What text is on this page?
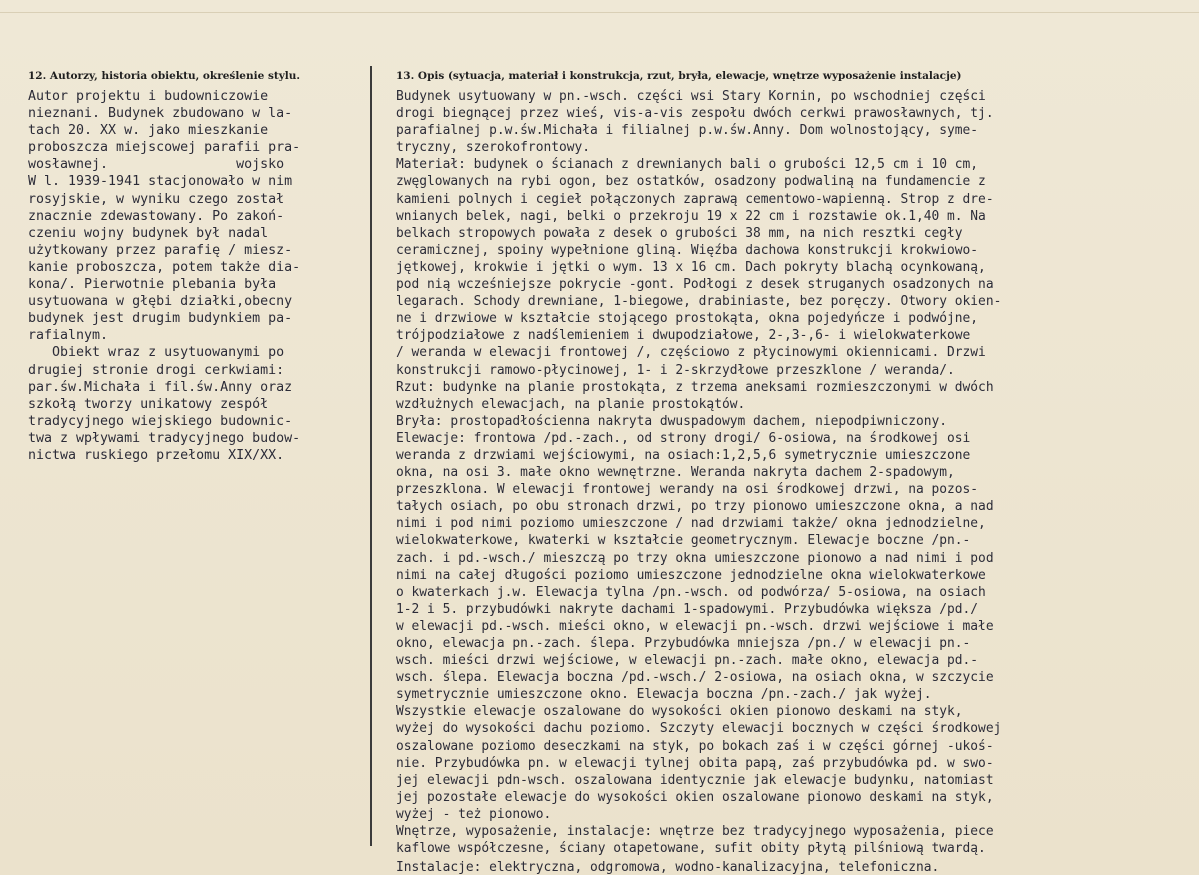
12. Autorzy, historia obiektu, określenie stylu.
Autor projektu i budowniczowie
nieznani. Budynek zbudowano w la-
tach 20. XX w. jako mieszkanie
proboszcza miejscowej parafii pra-
wosławnej.                wojsko
W l. 1939-1941 stacjonowało w nim
rosyjskie, w wyniku czego został
znacznie zdewastowany. Po zakoń-
czeniu wojny budynek był nadal
użytkowany przez parafię / miesz-
kanie proboszcza, potem także dia-
kona/. Pierwotnie plebania była
usytuowana w głębi działki,obecny
budynek jest drugim budynkiem pa-
rafialnym.
Obiekt wraz z usytuowanymi po
drugiej stronie drogi cerkwiami:
par.św.Michała i fil.św.Anny oraz
szkołą tworzy unikatowy zespół
tradycyjnego wiejskiego budownic-
twa z wpływami tradycyjnego budow-
nictwa ruskiego przełomu XIX/XX.
13. Opis (sytuacja, materiał i konstrukcja, rzut, bryła, elewacje, wnętrze wyposażenie instalacje)
Budynek usytuowany w pn.-wsch. części wsi Stary Kornin, po wschodniej części
drogi biegnącej przez wieś, vis-a-vis zespołu dwóch cerkwi prawosławnych, tj.
parafialnej p.w.św.Michała i filialnej p.w.św.Anny. Dom wolnostojący, syme-
tryczny, szerokofrontowy.
Materiał: budynek o ścianach z drewnianych bali o grubości 12,5 cm i 10 cm,
zwęglowanych na rybi ogon, bez ostatków, osadzony podwaliną na fundamencie z
kamieni polnych i cegieł połączonych zaprawą cementowo-wapienną. Strop z dre-
wnianych belek, nagi, belki o przekroju 19 x 22 cm i rozstawie ok.1,40 m. Na
belkach stropowych powała z desek o grubości 38 mm, na nich resztki cegły
ceramicznej, spoiny wypełnione gliną. Więźba dachowa konstrukcji krokwiowo-
jętkowej, krokwie i jętki o wym. 13 x 16 cm. Dach pokryty blachą ocynkowaną,
pod nią wcześniejsze pokrycie -gont. Podłogi z desek struganych osadzonych na
legarach. Schody drewniane, 1-biegowe, drabiniaste, bez poręczy. Otwory okien-
ne i drzwiowe w kształcie stojącego prostokąta, okna pojedyńcze i podwójne,
trójpodziałowe z nadślemieniem i dwupodziałowe, 2-,3-,6- i wielokwaterkowe
/ weranda w elewacji frontowej /, częściowo z płycinowymi okiennicami. Drzwi
konstrukcji ramowo-płycinowej, 1- i 2-skrzydłowe przeszklone / weranda/.
Rzut: budynke na planie prostokąta, z trzema aneksami rozmieszczonymi w dwóch
wzdłużnych elewacjach, na planie prostokątów.
Bryła: prostopadłościenna nakryta dwuspadowym dachem, niepodpiwniczony.
Elewacje: frontowa /pd.-zach., od strony drogi/ 6-osiowa, na środkowej osi
weranda z drzwiami wejściowymi, na osiach:1,2,5,6 symetrycznie umieszczone
okna, na osi 3. małe okno wewnętrzne. Weranda nakryta dachem 2-spadowym,
przeszklona. W elewacji frontowej werandy na osi środkowej drzwi, na pozos-
tałych osiach, po obu stronach drzwi, po trzy pionowo umieszczone okna, a nad
nimi i pod nimi poziomo umieszczone / nad drzwiami także/ okna jednodzielne,
wielokwaterkowe, kwaterki w kształcie geometrycznym. Elewacje boczne /pn.-
zach. i pd.-wsch./ mieszczą po trzy okna umieszczone pionowo a nad nimi i pod
nimi na całej długości poziomo umieszczone jednodzielne okna wielokwaterkowe
o kwaterkach j.w. Elewacja tylna /pn.-wsch. od podwórza/ 5-osiowa, na osiach
1-2 i 5. przybudówki nakryte dachami 1-spadowymi. Przybudówka większa /pd./
w elewacji pd.-wsch. mieści okno, w elewacji pn.-wsch. drzwi wejściowe i małe
okno, elewacja pn.-zach. ślepa. Przybudówka mniejsza /pn./ w elewacji pn.-
wsch. mieści drzwi wejściowe, w elewacji pn.-zach. małe okno, elewacja pd.-
wsch. ślepa. Elewacja boczna /pd.-wsch./ 2-osiowa, na osiach okna, w szczycie
symetrycznie umieszczone okno. Elewacja boczna /pn.-zach./ jak wyżej.
Wszystkie elewacje oszalowane do wysokości okien pionowo deskami na styk,
wyżej do wysokości dachu poziomo. Szczyty elewacji bocznych w części środkowej
oszalowane poziomo deseczkami na styk, po bokach zaś i w części górnej -ukoś-
nie. Przybudówka pn. w elewacji tylnej obita papą, zaś przybudówka pd. w swo-
jej elewacji pdn-wsch. oszalowana identycznie jak elewacje budynku, natomiast
jej pozostałe elewacje do wysokości okien oszalowane pionowo deskami na styk,
wyżej - też pionowo.
Wnętrze, wyposażenie, instalacje: wnętrze bez tradycyjnego wyposażenia, piece
kaflowe współczesne, ściany otapetowane, sufit obity płytą pilśniową twardą.
Instalacje: elektryczna, odgromowa, wodno-kanalizacyjna, telefoniczna.
